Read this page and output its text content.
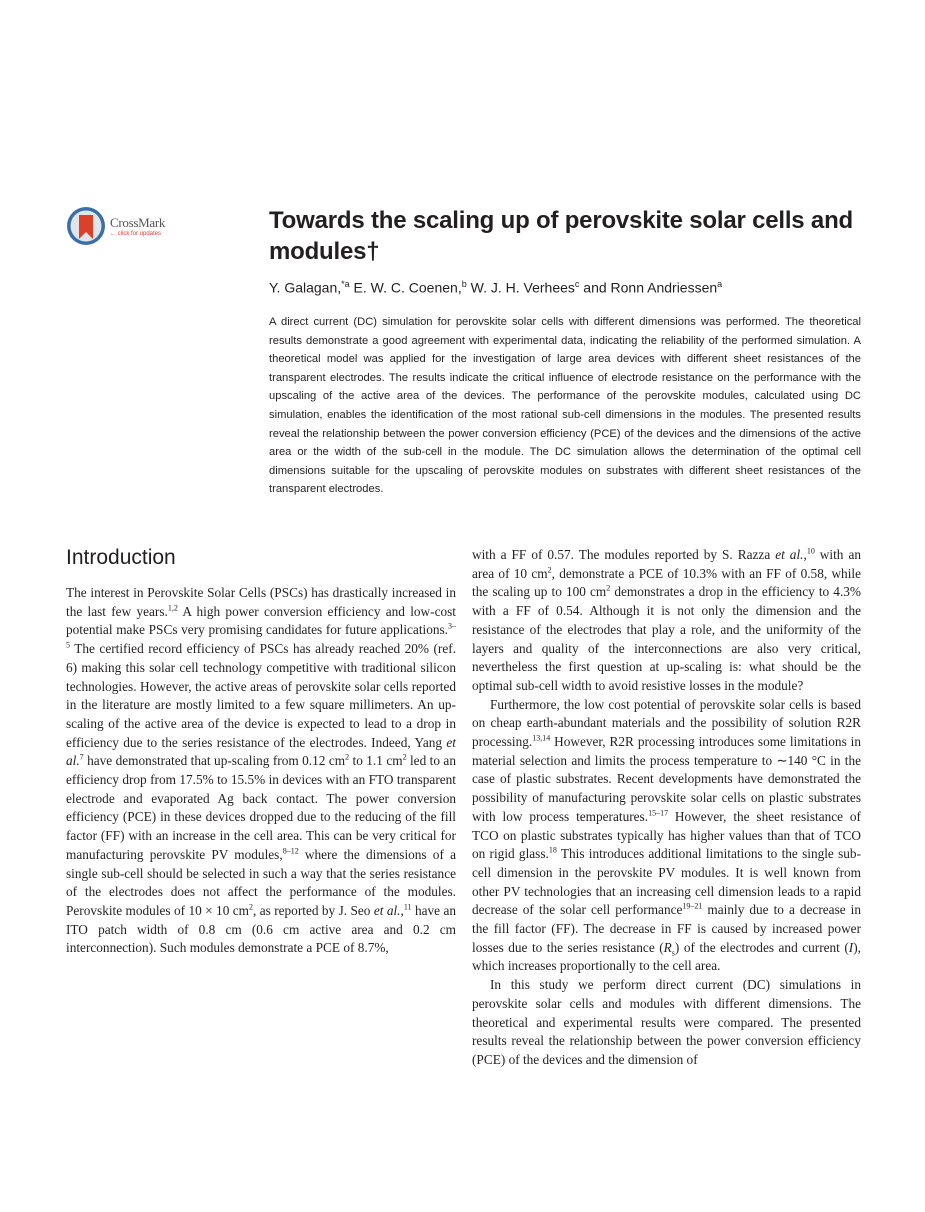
CrossMark
← click for updates	Towards the scaling up of perovskite solar cells and modules†
Y. Galagan,$^{*a}$ E. W. C. Coenen,$^b$ W. J. H. Verhees$^c$ and Ronn Andriessen$^a$
A direct current (DC) simulation for perovskite solar cells with different dimensions was performed. The theoretical results demonstrate a good agreement with experimental data, indicating the reliability of the performed simulation. A theoretical model was applied for the investigation of large area devices with different sheet resistances of the transparent electrodes. The results indicate the critical influence of electrode resistance on the performance with the upscaling of the active area of the devices. The performance of the perovskite modules, calculated using DC simulation, enables the identification of the most rational sub-cell dimensions in the modules. The presented results reveal the relationship between the power conversion efficiency (PCE) of the devices and the dimensions of the active area or the width of the sub-cell in the module. The DC simulation allows the determination of the optimal cell dimensions suitable for the upscaling of perovskite modules on substrates with different sheet resistances of the transparent electrodes.
Introduction

The interest in Perovskite Solar Cells (PSCs) has drastically increased in the last few years.$^{1,2}$ A high power conversion efficiency and low-cost potential make PSCs very promising candidates for future applications.$^{3-5}$ The certified record efficiency of PSCs has already reached 20% (ref. 6) making this solar cell technology competitive with traditional silicon technologies. However, the active areas of perovskite solar cells reported in the literature are mostly limited to a few square millimeters. An up-scaling of the active area of the device is expected to lead to a drop in efficiency due to the series resistance of the electrodes. Indeed, Yang et al.$^7$ have demonstrated that up-scaling from 0.12 $cm^2$ to 1.1 $cm^2$ led to an efficiency drop from 17.5% to 15.5% in devices with an FTO transparent electrode and evaporated Ag back contact. The power conversion efficiency (PCE) in these devices dropped due to the reducing of the fill factor (FF) with an increase in the cell area. This can be very critical for manufacturing perovskite PV modules,$^{8-12}$ where the dimensions of a single sub-cell should be selected in such a way that the series resistance of the electrodes does not affect the performance of the modules. Perovskite modules of 10 × 10 $cm^2$, as reported by J. Seo et al.,$^{11}$ have an ITO patch width of 0.8 cm (0.6 cm active area and 0.2 cm interconnection). Such modules demonstrate a PCE of 8.7%,

with a FF of 0.57. The modules reported by S. Razza et al.,$^{10}$ with an area of 10 $cm^2$, demonstrate a PCE of 10.3% with an FF of 0.58, while the scaling up to 100 $cm^2$ demonstrates a drop in the efficiency to 4.3% with a FF of 0.54. Although it is not only the dimension and the resistance of the electrodes that play a role, and the uniformity of the layers and quality of the interconnections are also very critical, nevertheless the first question at up-scaling is: what should be the optimal sub-cell width to avoid resistive losses in the module?

Furthermore, the low cost potential of perovskite solar cells is based on cheap earth-abundant materials and the possibility of solution R2R processing.$^{13,14}$ However, R2R processing introduces some limitations in material selection and limits the process temperature to ∼140 °C in the case of plastic substrates. Recent developments have demonstrated the possibility of manufacturing perovskite solar cells on plastic substrates with low process temperatures.$^{15-17}$ However, the sheet resistance of TCO on plastic substrates typically has higher values than that of TCO on rigid glass.$^{18}$ This introduces additional limitations to the single sub-cell dimension in the perovskite PV modules. It is well known from other PV technologies that an increasing cell dimension leads to a rapid decrease of the solar cell performance$^{19-21}$ mainly due to a decrease in the fill factor (FF). The decrease in FF is caused by increased power losses due to the series resistance $(R_s)$ of the electrodes and current (I), which increases proportionally to the cell area.

In this study we perform direct current (DC) simulations in perovskite solar cells and modules with different dimensions. The theoretical and experimental results were compared. The presented results reveal the relationship between the power conversion efficiency (PCE) of the devices and the dimension of
